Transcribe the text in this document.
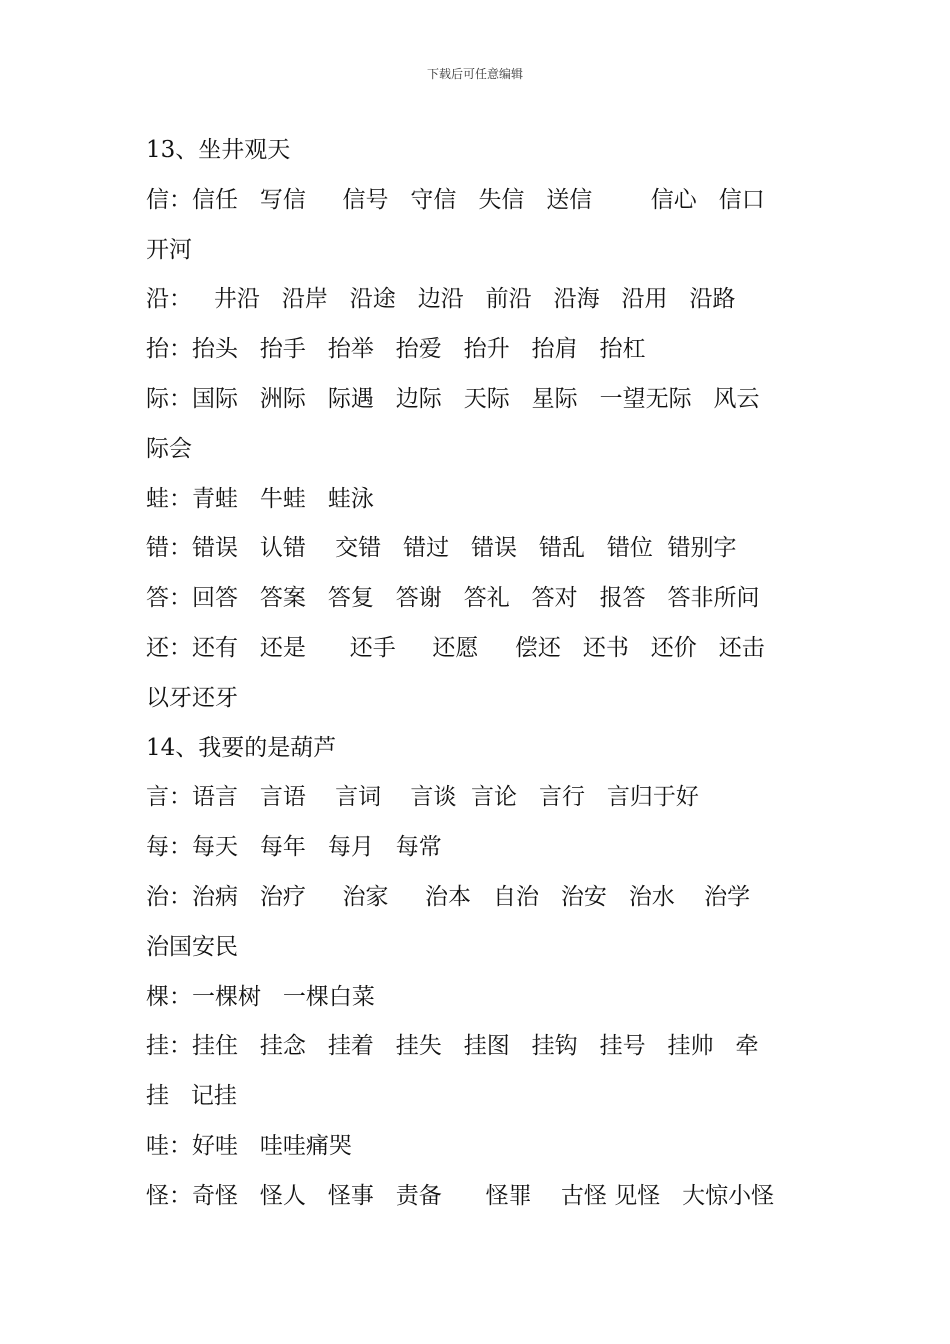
下载后可任意编辑
13、坐井观天
信：信任   写信     信号   守信   失信   送信        信心   信口
开河
沿：   井沿   沿岸   沿途   边沿   前沿   沿海   沿用   沿路
抬：抬头   抬手   抬举   抬爱   抬升   抬肩   抬杠
际：国际   洲际   际遇   边际   天际   星际   一望无际   风云
际会
蛙：青蛙   牛蛙   蛙泳
错：错误   认错    交错   错过   错误   错乱   错位  错别字
答：回答   答案   答复   答谢   答礼   答对   报答   答非所问
还：还有   还是      还手     还愿     偿还   还书   还价   还击
以牙还牙
14、我要的是葫芦
言：语言   言语    言词    言谈  言论   言行   言归于好
每：每天   每年   每月   每常
治：治病   治疗     治家     治本   自治   治安   治水    治学
治国安民
棵：一棵树   一棵白菜
挂：挂住   挂念   挂着   挂失   挂图   挂钩   挂号   挂帅   牵
挂   记挂
哇：好哇   哇哇痛哭
怪：奇怪   怪人   怪事   责备      怪罪    古怪 见怪   大惊小怪
